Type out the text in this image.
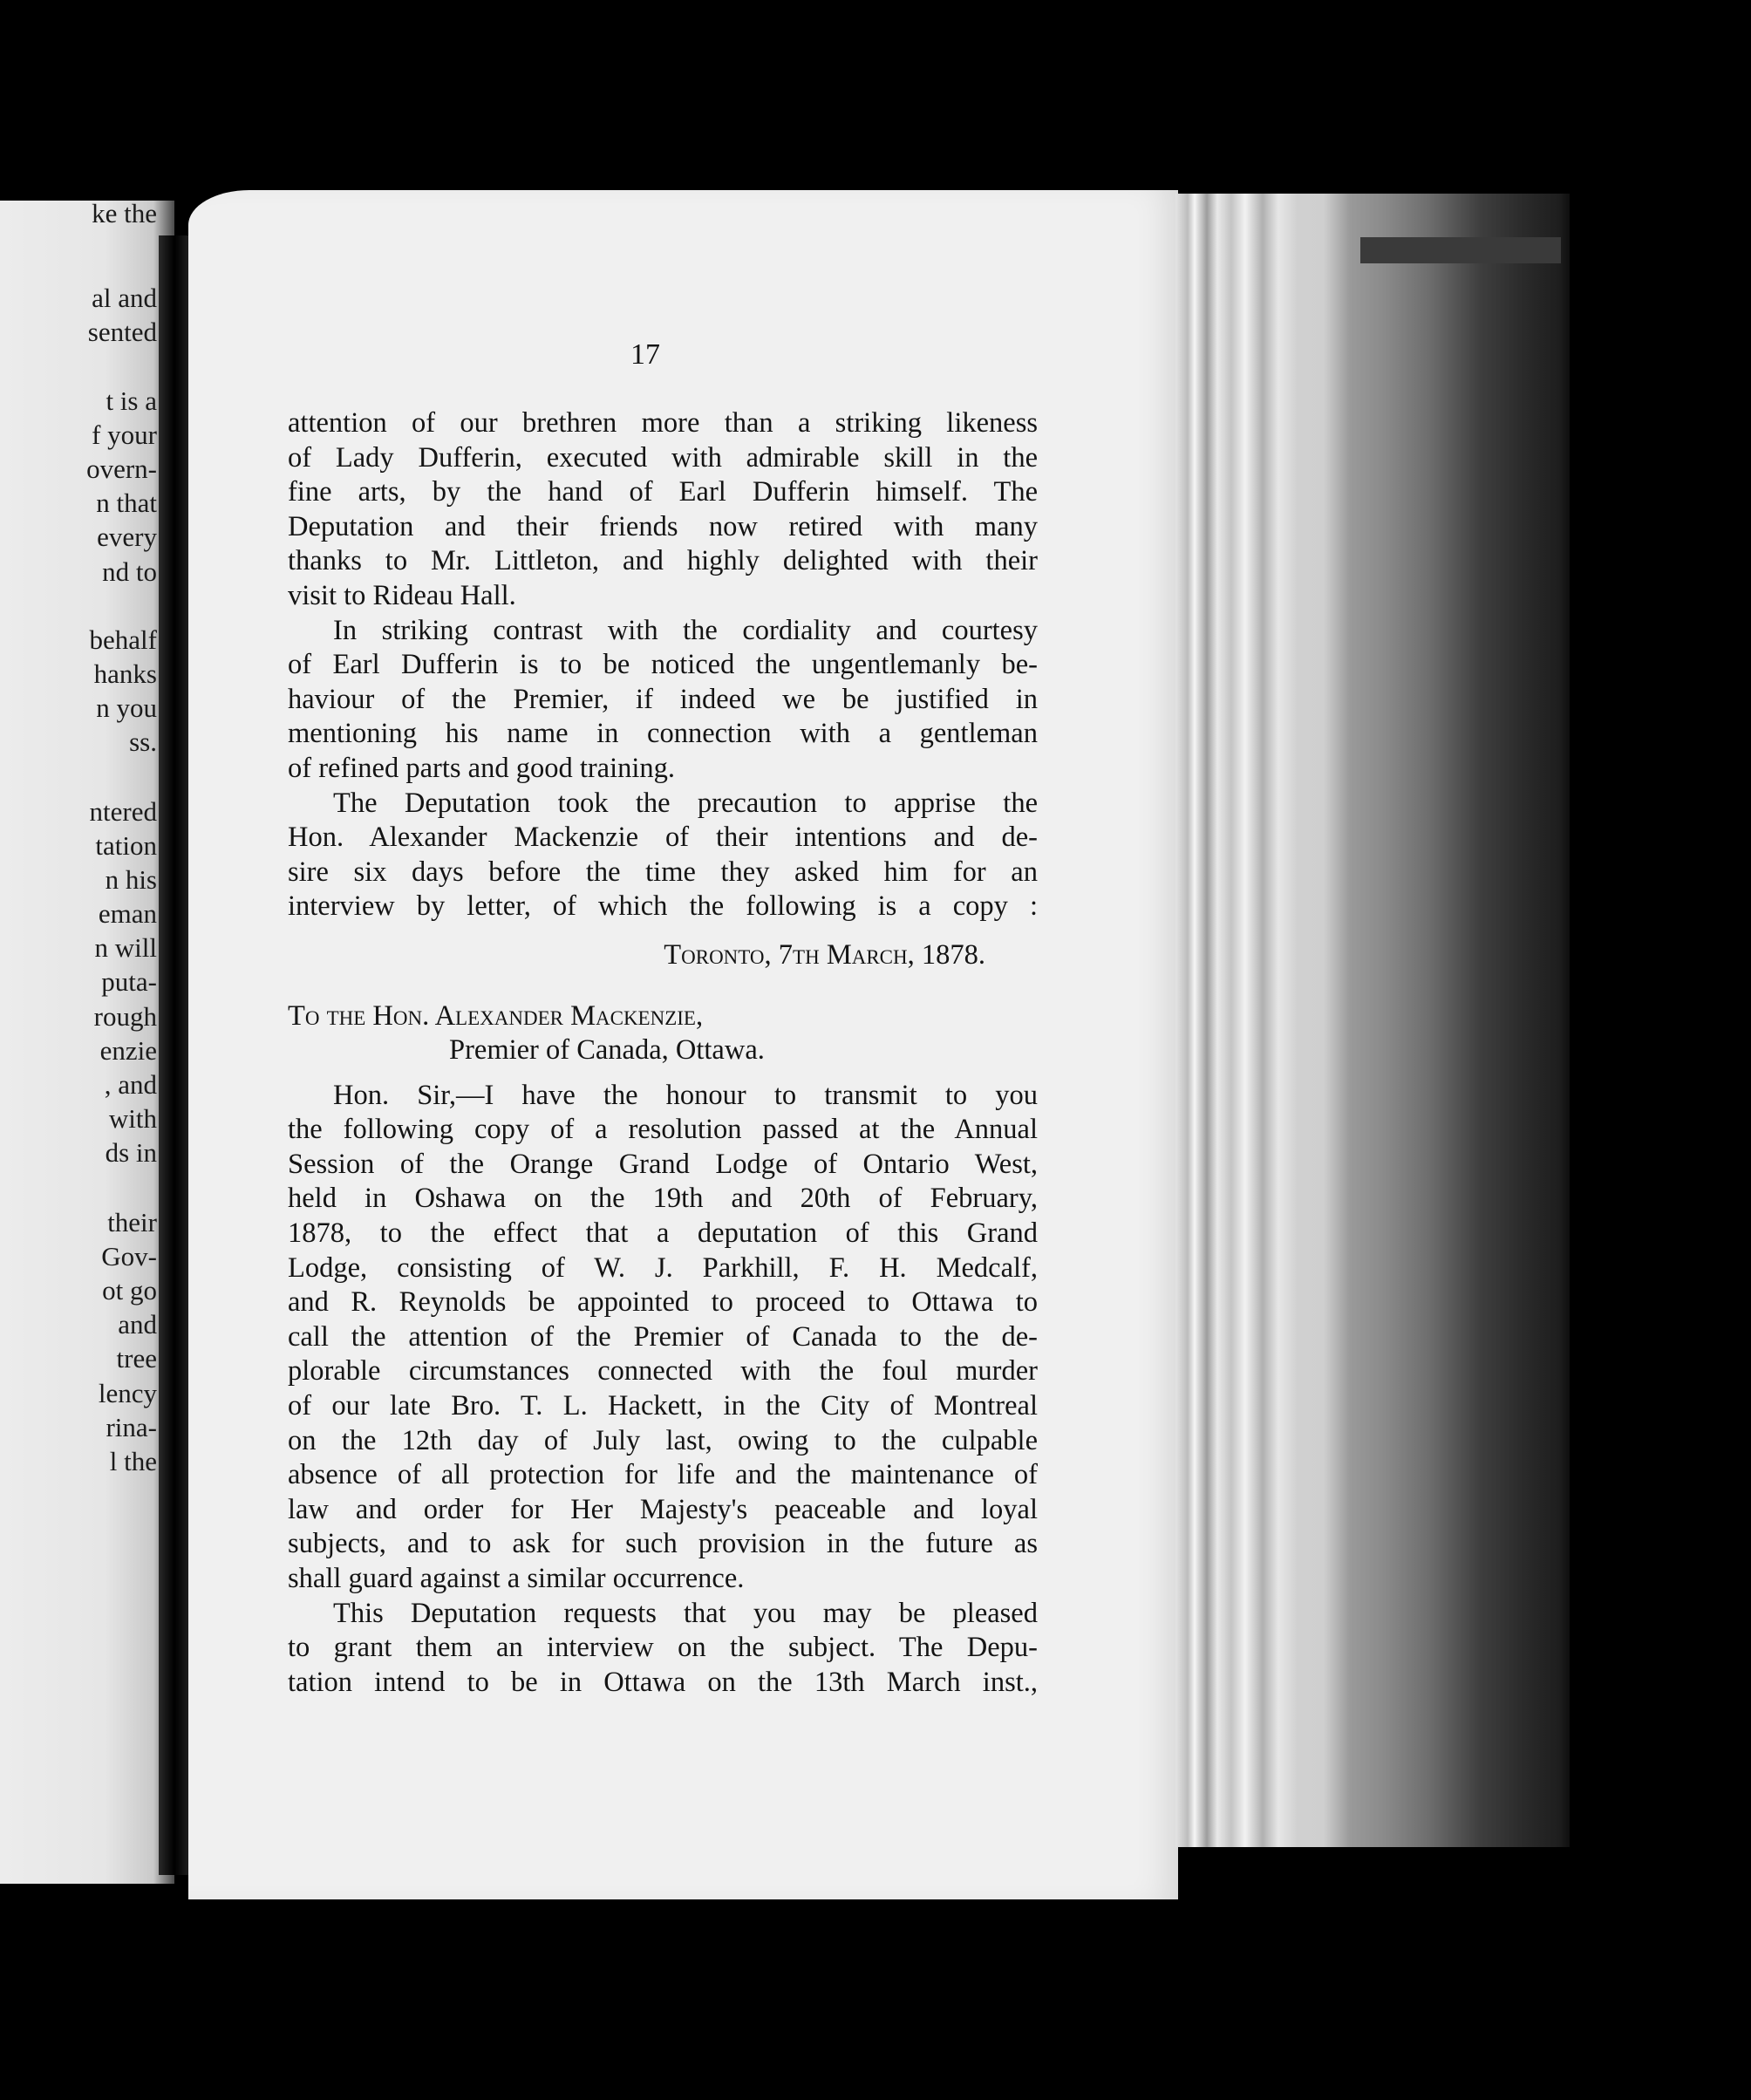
ke the
al and
sented
t is a
f your
overn-
n that
every
nd to
behalf
hanks
n you
ss.
ntered
tation
n his
eman
n will
puta-
rough
enzie
, and
with
ds in
their
Gov-
ot go
and
tree
lency
rina-
l the
17

attention of our brethren more than a striking likeness
of Lady Dufferin, executed with admirable skill in the
fine arts, by the hand of Earl Dufferin himself. The
Deputation and their friends now retired with many
thanks to Mr. Littleton, and highly delighted with their
visit to Rideau Hall.

In striking contrast with the cordiality and courtesy
of Earl Dufferin is to be noticed the ungentlemanly be-
haviour of the Premier, if indeed we be justified in
mentioning his name in connection with a gentleman
of refined parts and good training.

The Deputation took the precaution to apprise the
Hon. Alexander Mackenzie of their intentions and de-
sire six days before the time they asked him for an
interview by letter, of which the following is a copy :

Toronto, 7th March, 1878.
To the Hon. Alexander Mackenzie,
Premier of Canada, Ottawa.

Hon. Sir,—I have the honour to transmit to you
the following copy of a resolution passed at the Annual
Session of the Orange Grand Lodge of Ontario West,
held in Oshawa on the 19th and 20th of February,
1878, to the effect that a deputation of this Grand
Lodge, consisting of W. J. Parkhill, F. H. Medcalf,
and R. Reynolds be appointed to proceed to Ottawa to
call the attention of the Premier of Canada to the de-
plorable circumstances connected with the foul murder
of our late Bro. T. L. Hackett, in the City of Montreal
on the 12th day of July last, owing to the culpable
absence of all protection for life and the maintenance of
law and order for Her Majesty's peaceable and loyal
subjects, and to ask for such provision in the future as
shall guard against a similar occurrence.

This Deputation requests that you may be pleased
to grant them an interview on the subject. The Depu-
tation intend to be in Ottawa on the 13th March inst.,
